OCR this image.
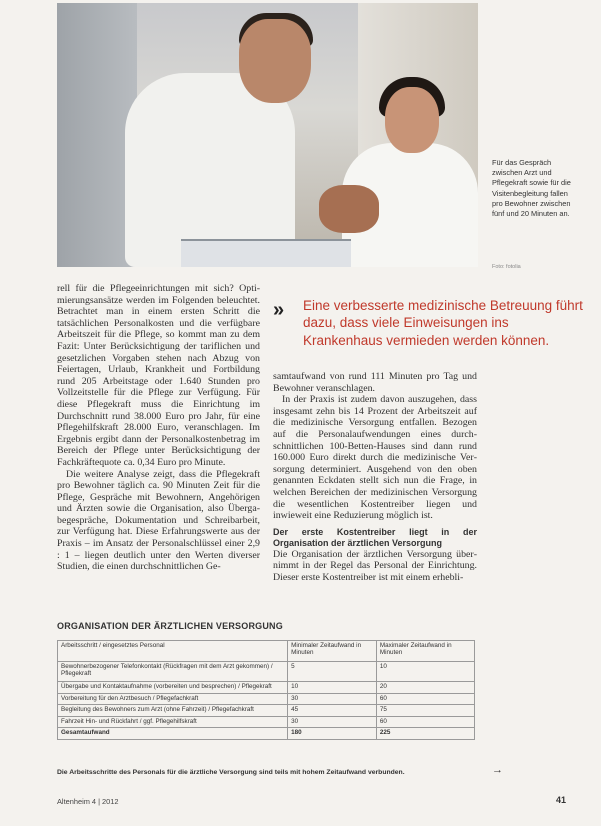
Für das Gespräch zwischen Arzt und Pflegekraft sowie für die Visitenbegleitung fallen pro Bewohner zwischen fünf und 20 Minuten an.
Foto: fotolia

rell für die Pflegeeinrichtungen mit sich? Optimierungsansätze werden im Folgenden beleuchtet. Betrachtet man in einem ersten Schritt die tatsächlichen Personalkosten und die verfügbare Arbeitszeit für die Pflege, so kommt man zu dem Fazit: Unter Berücksichtigung der tariflichen und gesetzlichen Vorgaben stehen nach Abzug von Feiertagen, Urlaub, Krankheit und Fortbildung rund 205 Arbeitstage oder 1.640 Stunden pro Vollzeitstelle für die Pflege zur Verfügung. Für diese Pflegekraft muss die Einrichtung im Durchschnitt rund 38.000 Euro pro Jahr, für eine Pflegehilfskraft 28.000 Euro, veranschlagen. Im Ergebnis ergibt dann der Personalkostenbetrag im Bereich der Pflege unter Berücksichtigung der Fachkräftequote ca. 0,34 Euro pro Minute.

Die weitere Analyse zeigt, dass die Pflegekraft pro Bewohner täglich ca. 90 Minuten Zeit für die Pflege, Gespräche mit Bewohnern, Angehörigen und Ärzten sowie die Organisation, also Übergabegespräche, Dokumentation und Schreibarbeit, zur Verfügung hat. Diese Erfahrungswerte aus der Praxis – im Ansatz der Personalschlüssel einer 2,9 : 1 – liegen deutlich unter den Werten diverser Studien, die einen durchschnittlichen Ge-

» Eine verbesserte medizinische Betreuung führt dazu, dass viele Einweisungen ins Krankenhaus vermieden werden können.

samtaufwand von rund 111 Minuten pro Tag und Bewohner veranschlagen.

In der Praxis ist zudem davon auszugehen, dass insgesamt zehn bis 14 Prozent der Arbeitszeit auf die medizinische Versorgung entfallen. Bezogen auf die Personalaufwendungen eines durchschnittlichen 100-Betten-Hauses sind dann rund 160.000 Euro direkt durch die medizinische Versorgung determiniert. Ausgehend von den oben genannten Eckdaten stellt sich nun die Frage, in welchen Bereichen der medizinischen Versorgung die wesentlichen Kostentreiber liegen und inwieweit eine Reduzierung möglich ist.

Der erste Kostentreiber liegt in der Organisation der ärztlichen Versorgung

Die Organisation der ärztlichen Versorgung übernimmt in der Regel das Personal der Einrichtung. Dieser erste Kostentreiber ist mit einem erhebli-

ORGANISATION DER ÄRZTLICHEN VERSORGUNG
Arbeitsschritt / eingesetztes Personal	Minimaler Zeitaufwand in Minuten	Maximaler Zeitaufwand in Minuten
Bewohnerbezogener Telefonkontakt (Rückfragen mit dem Arzt gekommen) / Pflegekraft	5	10
Übergabe und Kontaktaufnahme (vorbereiten und besprechen) / Pflegekraft	10	20
Vorbereitung für den Arztbesuch / Pflegefachkraft	30	60
Begleitung des Bewohners zum Arzt (ohne Fahrzeit) / Pflegefachkraft	45	75
Fahrzeit Hin- und Rückfahrt / ggf. Pflegehilfskraft	30	60
Gesamtaufwand	180	225
Die Arbeitsschritte des Personals für die ärztliche Versorgung sind teils mit hohem Zeitaufwand verbunden.	→
Altenheim 4 | 2012	41
